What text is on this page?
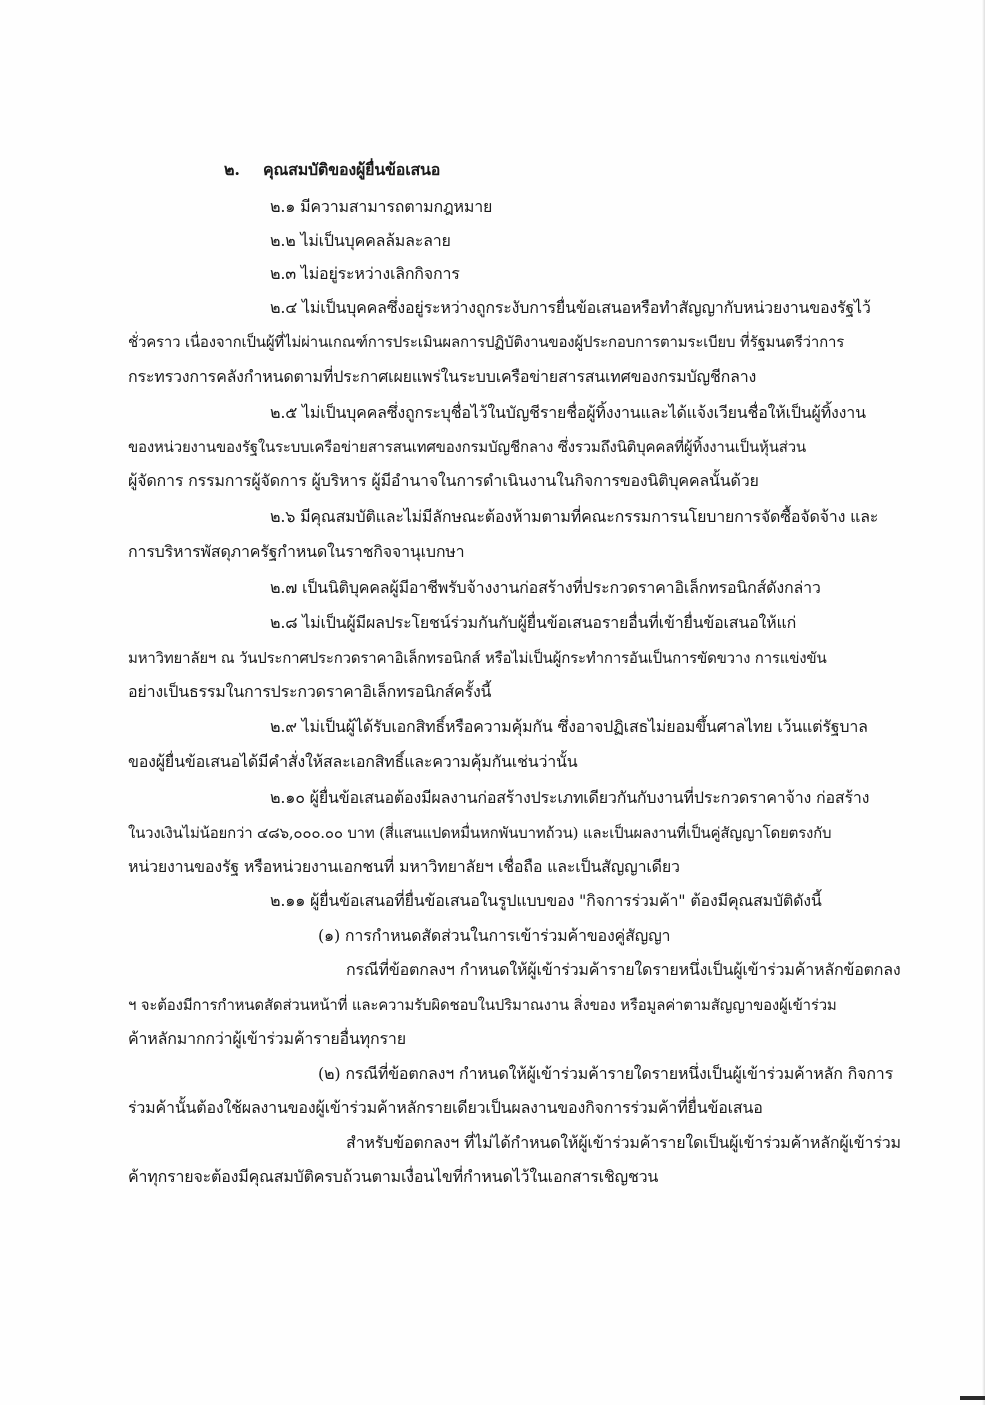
๒. คุณสมบัติของผู้ยื่นข้อเสนอ
๒.๑ มีความสามารถตามกฎหมาย
๒.๒ ไม่เป็นบุคคลล้มละลาย
๒.๓ ไม่อยู่ระหว่างเลิกกิจการ
๒.๔ ไม่เป็นบุคคลซึ่งอยู่ระหว่างถูกระงับการยื่นข้อเสนอหรือทำสัญญากับหน่วยงานของรัฐไว้
ชั่วคราว เนื่องจากเป็นผู้ที่ไม่ผ่านเกณฑ์การประเมินผลการปฏิบัติงานของผู้ประกอบการตามระเบียบ ที่รัฐมนตรีว่าการ
กระทรวงการคลังกำหนดตามที่ประกาศเผยแพร่ในระบบเครือข่ายสารสนเทศของกรมบัญชีกลาง
๒.๕ ไม่เป็นบุคคลซึ่งถูกระบุชื่อไว้ในบัญชีรายชื่อผู้ทิ้งงานและได้แจ้งเวียนชื่อให้เป็นผู้ทิ้งงาน
ของหน่วยงานของรัฐในระบบเครือข่ายสารสนเทศของกรมบัญชีกลาง ซึ่งรวมถึงนิติบุคคลที่ผู้ทิ้งงานเป็นหุ้นส่วน
ผู้จัดการ กรรมการผู้จัดการ ผู้บริหาร ผู้มีอำนาจในการดำเนินงานในกิจการของนิติบุคคลนั้นด้วย
๒.๖ มีคุณสมบัติและไม่มีลักษณะต้องห้ามตามที่คณะกรรมการนโยบายการจัดซื้อจัดจ้าง และ
การบริหารพัสดุภาครัฐกำหนดในราชกิจจานุเบกษา
๒.๗ เป็นนิติบุคคลผู้มีอาชีพรับจ้างงานก่อสร้างที่ประกวดราคาอิเล็กทรอนิกส์ดังกล่าว
๒.๘ ไม่เป็นผู้มีผลประโยชน์ร่วมกันกับผู้ยื่นข้อเสนอรายอื่นที่เข้ายื่นข้อเสนอให้แก่
มหาวิทยาลัยฯ ณ วันประกาศประกวดราคาอิเล็กทรอนิกส์ หรือไม่เป็นผู้กระทำการอันเป็นการขัดขวาง การแข่งขัน
อย่างเป็นธรรมในการประกวดราคาอิเล็กทรอนิกส์ครั้งนี้
๒.๙ ไม่เป็นผู้ได้รับเอกสิทธิ์หรือความคุ้มกัน ซึ่งอาจปฏิเสธไม่ยอมขึ้นศาลไทย เว้นแต่รัฐบาล
ของผู้ยื่นข้อเสนอได้มีคำสั่งให้สละเอกสิทธิ์และความคุ้มกันเช่นว่านั้น
๒.๑๐ ผู้ยื่นข้อเสนอต้องมีผลงานก่อสร้างประเภทเดียวกันกับงานที่ประกวดราคาจ้าง ก่อสร้าง
ในวงเงินไม่น้อยกว่า ๔๘๖,๐๐๐.๐๐ บาท (สี่แสนแปดหมื่นหกพันบาทถ้วน) และเป็นผลงานที่เป็นคู่สัญญาโดยตรงกับ
หน่วยงานของรัฐ หรือหน่วยงานเอกชนที่ มหาวิทยาลัยฯ เชื่อถือ และเป็นสัญญาเดียว
๒.๑๑ ผู้ยื่นข้อเสนอที่ยื่นข้อเสนอในรูปแบบของ "กิจการร่วมค้า" ต้องมีคุณสมบัติดังนี้
(๑) การกำหนดสัดส่วนในการเข้าร่วมค้าของคู่สัญญา
กรณีที่ข้อตกลงฯ กำหนดให้ผู้เข้าร่วมค้ารายใดรายหนึ่งเป็นผู้เข้าร่วมค้าหลักข้อตกลง
ฯ จะต้องมีการกำหนดสัดส่วนหน้าที่ และความรับผิดชอบในปริมาณงาน สิ่งของ หรือมูลค่าตามสัญญาของผู้เข้าร่วม
ค้าหลักมากกว่าผู้เข้าร่วมค้ารายอื่นทุกราย
(๒) กรณีที่ข้อตกลงฯ กำหนดให้ผู้เข้าร่วมค้ารายใดรายหนึ่งเป็นผู้เข้าร่วมค้าหลัก กิจการ
ร่วมค้านั้นต้องใช้ผลงานของผู้เข้าร่วมค้าหลักรายเดียวเป็นผลงานของกิจการร่วมค้าที่ยื่นข้อเสนอ
สำหรับข้อตกลงฯ ที่ไม่ได้กำหนดให้ผู้เข้าร่วมค้ารายใดเป็นผู้เข้าร่วมค้าหลักผู้เข้าร่วม
ค้าทุกรายจะต้องมีคุณสมบัติครบถ้วนตามเงื่อนไขที่กำหนดไว้ในเอกสารเชิญชวน
